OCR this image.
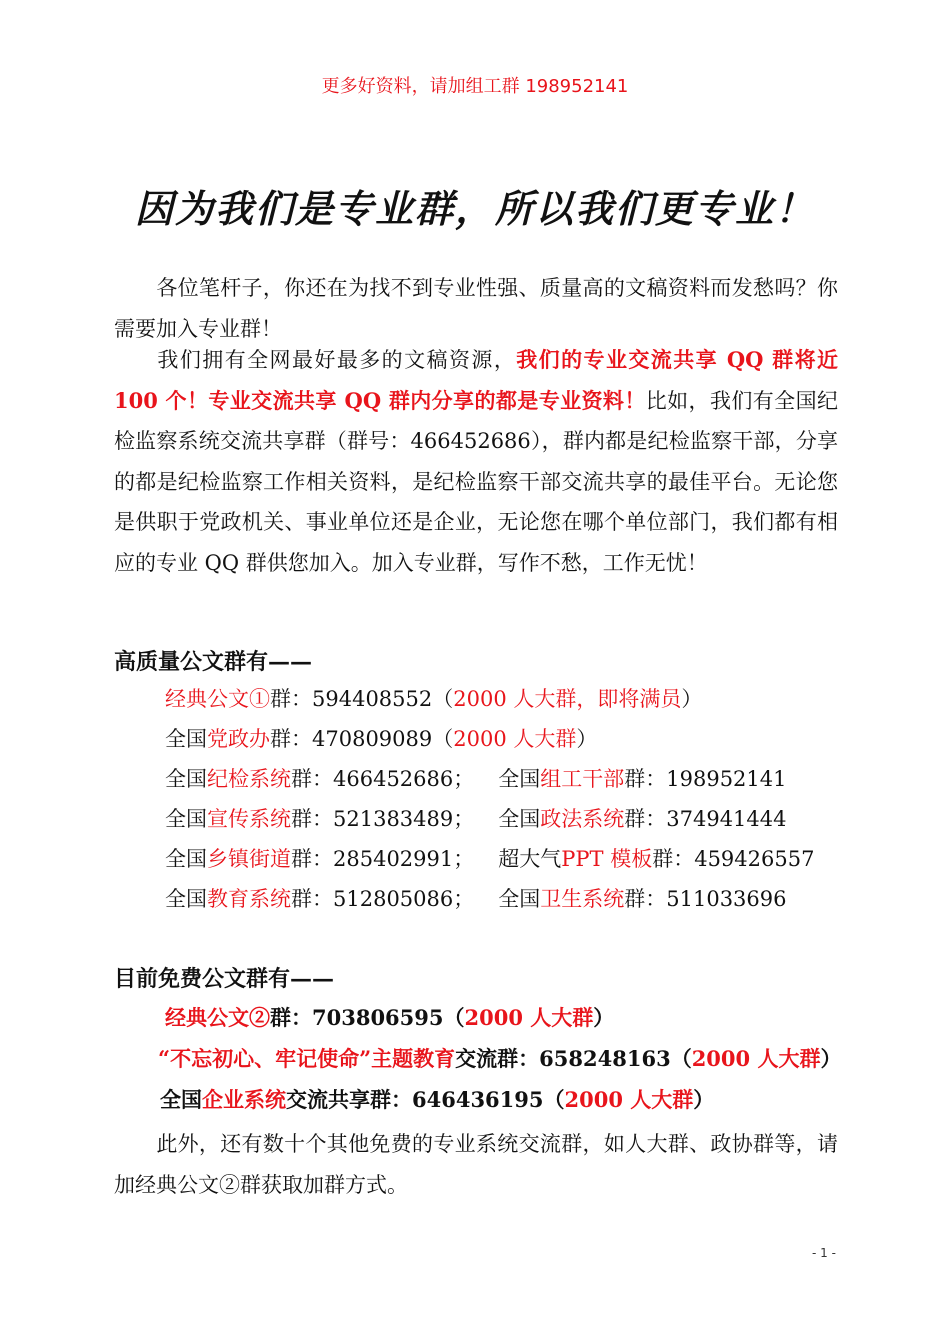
更多好资料，请加组工群 198952141
因为我们是专业群，所以我们更专业！

各位笔杆子，你还在为找不到专业性强、质量高的文稿资料而发愁吗？你需要加入专业群！

我们拥有全网最好最多的文稿资源，我们的专业交流共享 QQ 群将近 100 个！专业交流共享 QQ 群内分享的都是专业资料！比如，我们有全国纪检监察系统交流共享群（群号：466452686），群内都是纪检监察干部，分享的都是纪检监察工作相关资料，是纪检监察干部交流共享的最佳平台。无论您是供职于党政机关、事业单位还是企业，无论您在哪个单位部门，我们都有相应的专业 QQ 群供您加入。加入专业群，写作不愁，工作无忧！

高质量公文群有——

经典公文①群：594408552（2000 人大群，即将满员）

全国党政办群：470809089（2000 人大群）

全国纪检系统群：466452686； 全国组工干部群：198952141

全国宣传系统群：521383489； 全国政法系统群：374941444

全国乡镇街道群：285402991； 超大气PPT 模板群：459426557

全国教育系统群：512805086； 全国卫生系统群：511033696

目前免费公文群有——

经典公文②群：703806595（2000 人大群）

“不忘初心、牢记使命”主题教育交流群：658248163（2000 人大群）

全国企业系统交流共享群：646436195（2000 人大群）

此外，还有数十个其他免费的专业系统交流群，如人大群、政协群等，请加经典公文②群获取加群方式。

- 1 -
